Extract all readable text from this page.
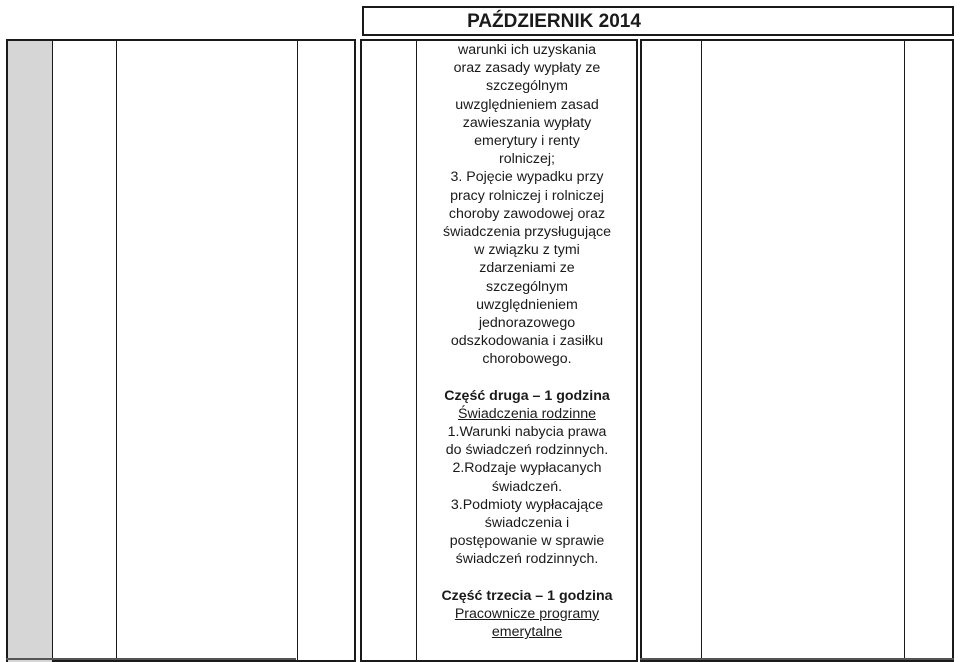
PAŹDZIERNIK 2014

warunki ich uzyskania

oraz zasady wypłaty ze

szczególnym

uwzględnieniem zasad

zawieszania wypłaty

emerytury i renty

rolniczej;

3. Pojęcie wypadku przy

pracy rolniczej i rolniczej

choroby zawodowej oraz

świadczenia przysługujące

w związku z tymi

zdarzeniami ze

szczególnym

uwzględnieniem

jednorazowego

odszkodowania i zasiłku

chorobowego.

Część druga – 1 godzina

Świadczenia rodzinne

1.Warunki nabycia prawa

do świadczeń rodzinnych.

2.Rodzaje wypłacanych

świadczeń.

3.Podmioty wypłacające

świadczenia i

postępowanie w sprawie

świadczeń rodzinnych.

Część trzecia – 1 godzina

Pracownicze programy

emerytalne
